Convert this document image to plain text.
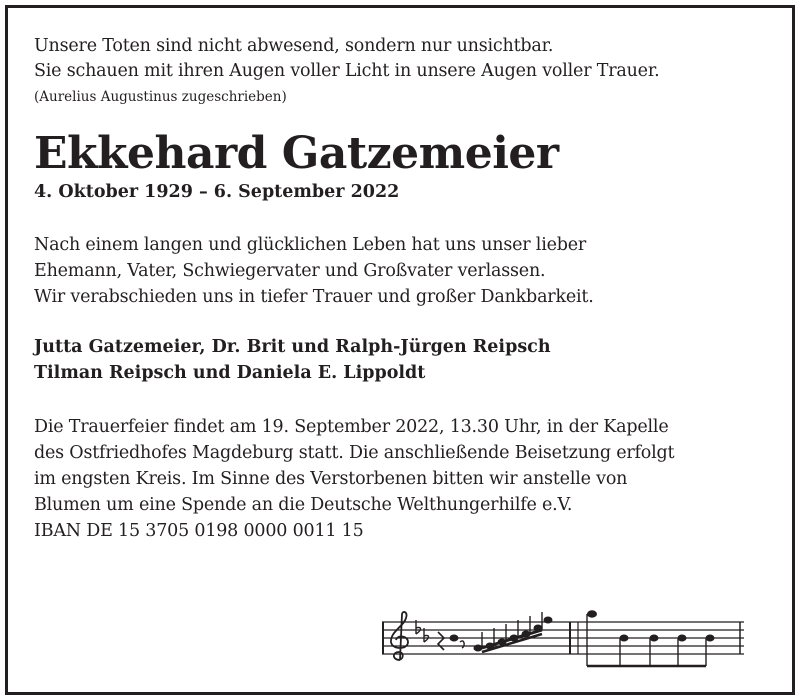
Unsere Toten sind nicht abwesend, sondern nur unsichtbar.
Sie schauen mit ihren Augen voller Licht in unsere Augen voller Trauer.
(Aurelius Augustinus zugeschrieben)
Ekkehard Gatzemeier
4. Oktober 1929 – 6. September 2022
Nach einem langen und glücklichen Leben hat uns unser lieber
Ehemann, Vater, Schwiegervater und Großvater verlassen.
Wir verabschieden uns in tiefer Trauer und großer Dankbarkeit.
Jutta Gatzemeier, Dr. Brit und Ralph-Jürgen Reipsch
Tilman Reipsch und Daniela E. Lippoldt
Die Trauerfeier findet am 19. September 2022, 13.30 Uhr, in der Kapelle
des Ostfriedhofes Magdeburg statt. Die anschließende Beisetzung erfolgt
im engsten Kreis. Im Sinne des Verstorbenen bitten wir anstelle von
Blumen um eine Spende an die Deutsche Welthungerhilfe e.V.
IBAN DE 15 3705 0198 0000 0011 15
